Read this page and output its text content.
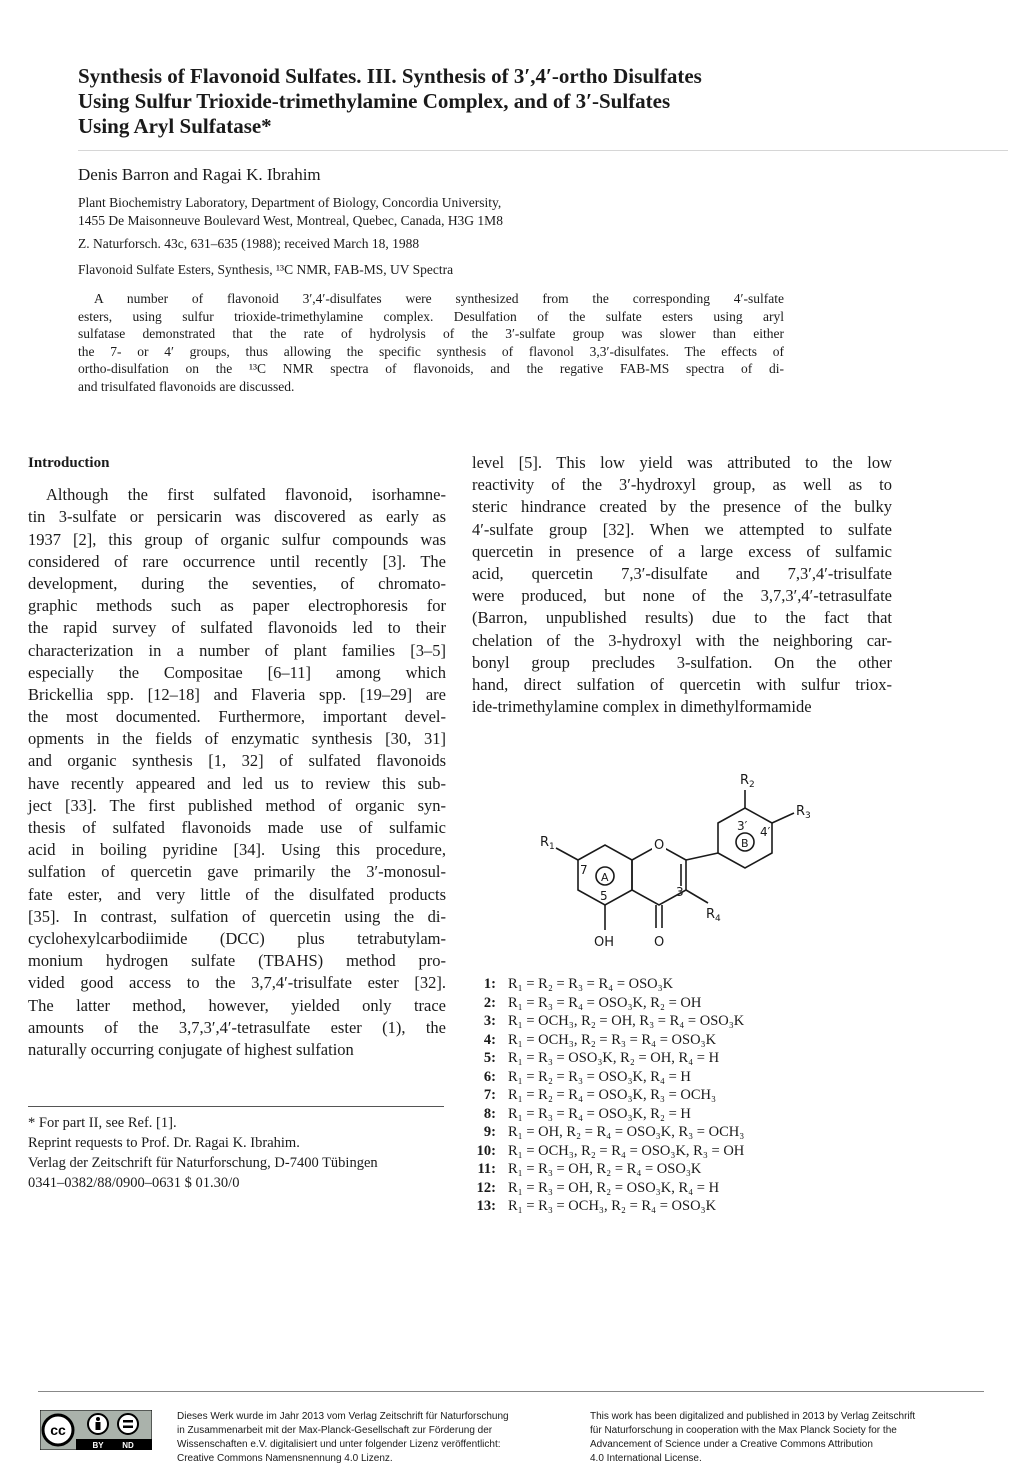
Synthesis of Flavonoid Sulfates. III. Synthesis of 3′,4′-ortho Disulfates
Using Sulfur Trioxide-trimethylamine Complex, and of 3′-Sulfates
Using Aryl Sulfatase*
Denis Barron and Ragai K. Ibrahim
Plant Biochemistry Laboratory, Department of Biology, Concordia University,
1455 De Maisonneuve Boulevard West, Montreal, Quebec, Canada, H3G 1M8
Z. Naturforsch. 43c, 631–635 (1988); received March 18, 1988
Flavonoid Sulfate Esters, Synthesis, ¹³C NMR, FAB-MS, UV Spectra
A number of flavonoid 3′,4′-disulfates were synthesized from the corresponding 4′-sulfate
esters, using sulfur trioxide-trimethylamine complex. Desulfation of the sulfate esters using aryl
sulfatase demonstrated that the rate of hydrolysis of the 3′-sulfate group was slower than either
the 7- or 4′ groups, thus allowing the specific synthesis of flavonol 3,3′-disulfates. The effects of
ortho-disulfation on the ¹³C NMR spectra of flavonoids, and the regative FAB-MS spectra of di-
and trisulfated flavonoids are discussed.
Introduction
Although the first sulfated flavonoid, isorhamne-
tin 3-sulfate or persicarin was discovered as early as
1937 [2], this group of organic sulfur compounds was
considered of rare occurrence until recently [3]. The
development, during the seventies, of chromato-
graphic methods such as paper electrophoresis for
the rapid survey of sulfated flavonoids led to their
characterization in a number of plant families [3–5]
especially the Compositae [6–11] among which
Brickellia spp. [12–18] and Flaveria spp. [19–29] are
the most documented. Furthermore, important devel-
opments in the fields of enzymatic synthesis [30, 31]
and organic synthesis [1, 32] of sulfated flavonoids
have recently appeared and led us to review this sub-
ject [33]. The first published method of organic syn-
thesis of sulfated flavonoids made use of sulfamic
acid in boiling pyridine [34]. Using this procedure,
sulfation of quercetin gave primarily the 3′-monosul-
fate ester, and very little of the disulfated products
[35]. In contrast, sulfation of quercetin using the di-
cyclohexylcarbodiimide (DCC) plus tetrabutylam-
monium hydrogen sulfate (TBAHS) method pro-
vided good access to the 3,7,4′-trisulfate ester [32].
The latter method, however, yielded only trace
amounts of the 3,7,3′,4′-tetrasulfate ester (1), the
naturally occurring conjugate of highest sulfation
level [5]. This low yield was attributed to the low
reactivity of the 3′-hydroxyl group, as well as to
steric hindrance created by the presence of the bulky
4′-sulfate group [32]. When we attempted to sulfate
quercetin in presence of a large excess of sulfamic
acid, quercetin 7,3′-disulfate and 7,3′,4′-trisulfate
were produced, but none of the 3,7,3′,4′-tetrasulfate
(Barron, unpublished results) due to the fact that
chelation of the 3-hydroxyl with the neighboring car-
bonyl group precludes 3-sulfation. On the other
hand, direct sulfation of quercetin with sulfur triox-
ide-trimethylamine complex in dimethylformamide
$R_1$
$R_2$
$R_3$
$R_4$
O
OH	O
7
5	3
3′ 4′
A
B
1: R₁ = R₂ = R₃ = R₄ = OSO₃K
2: R₁ = R₃ = R₄ = OSO₃K, R₂ = OH
3: R₁ = OCH₃, R₂ = OH, R₃ = R₄ = OSO₃K
4: R₁ = OCH₃, R₂ = R₃ = R₄ = OSO₃K
5: R₁ = R₃ = OSO₃K, R₂ = OH, R₄ = H
6: R₁ = R₂ = R₃ = OSO₃K, R₄ = H
7: R₁ = R₂ = R₄ = OSO₃K, R₃ = OCH₃
8: R₁ = R₃ = R₄ = OSO₃K, R₂ = H
9: R₁ = OH, R₂ = R₄ = OSO₃K, R₃ = OCH₃
10: R₁ = OCH₃, R₂ = R₄ = OSO₃K, R₃ = OH
11: R₁ = R₃ = OH, R₂ = R₄ = OSO₃K
12: R₁ = R₃ = OH, R₂ = OSO₃K, R₄ = H
13: R₁ = R₃ = OCH₃, R₂ = R₄ = OSO₃K
* For part II, see Ref. [1].
Reprint requests to Prof. Dr. Ragai K. Ibrahim.
Verlag der Zeitschrift für Naturforschung, D-7400 Tübingen
0341–0382/88/0900–0631 $ 01.30/0
cc
BY ND
Dieses Werk wurde im Jahr 2013 vom Verlag Zeitschrift für Naturforschung
in Zusammenarbeit mit der Max-Planck-Gesellschaft zur Förderung der
Wissenschaften e.V. digitalisiert und unter folgender Lizenz veröffentlicht:
Creative Commons Namensnennung 4.0 Lizenz.
This work has been digitalized and published in 2013 by Verlag Zeitschrift
für Naturforschung in cooperation with the Max Planck Society for the
Advancement of Science under a Creative Commons Attribution
4.0 International License.
